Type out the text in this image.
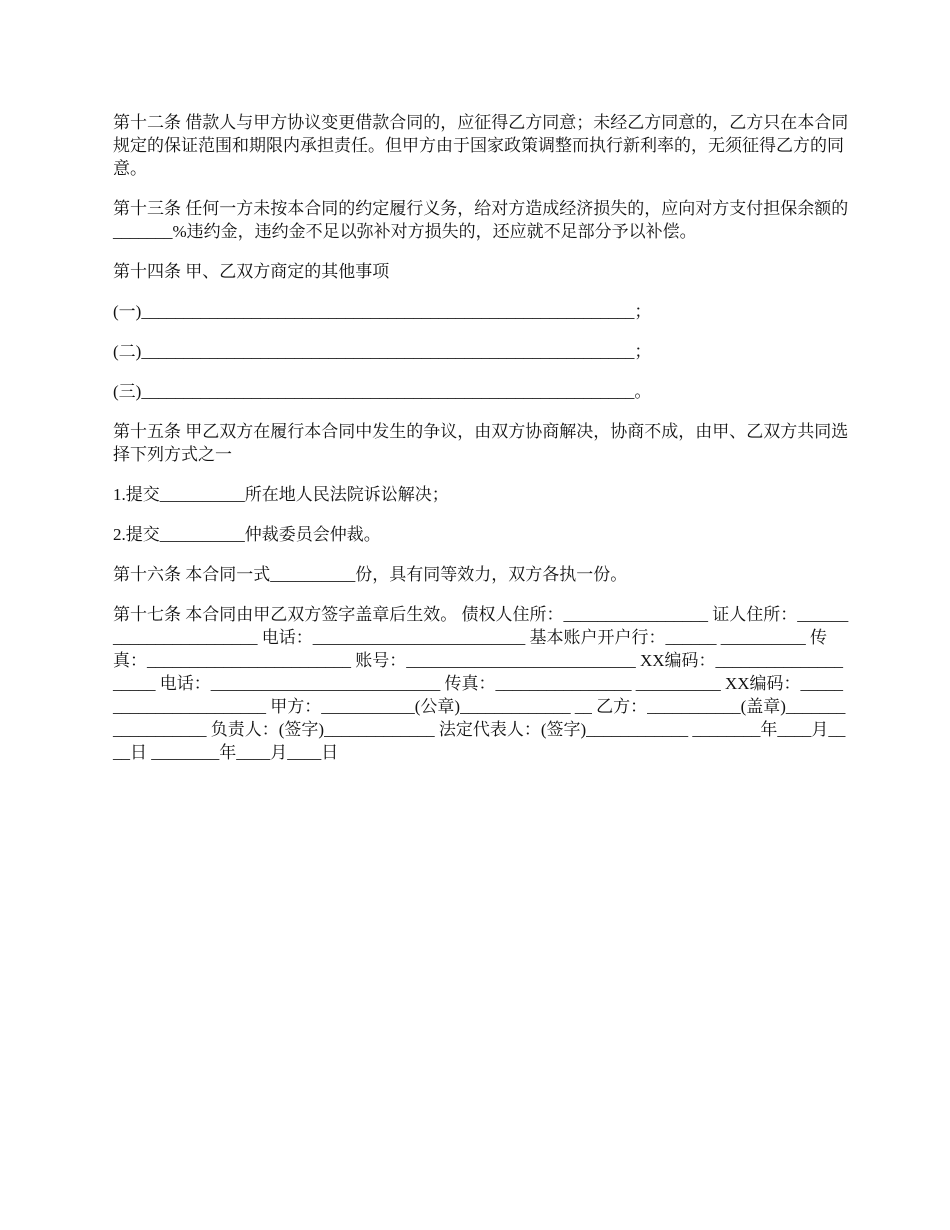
第十二条 借款人与甲方协议变更借款合同的，应征得乙方同意；未经乙方同意的，乙方只在本合同规定的保证范围和期限内承担责任。但甲方由于国家政策调整而执行新利率的，无须征得乙方的同意。

第十三条 任何一方未按本合同的约定履行义务，给对方造成经济损失的，应向对方支付担保余额的_______%违约金，违约金不足以弥补对方损失的，还应就不足部分予以补偿。

第十四条 甲、乙双方商定的其他事项

(一)__________________________________________________________；

(二)__________________________________________________________；

(三)__________________________________________________________。

第十五条 甲乙双方在履行本合同中发生的争议，由双方协商解决，协商不成，由甲、乙双方共同选择下列方式之一

1.提交__________所在地人民法院诉讼解决；

2.提交__________仲裁委员会仲裁。

第十六条 本合同一式__________份，具有同等效力，双方各执一份。

第十七条 本合同由甲乙双方签字盖章后生效。 债权人住所：_________________ 证人住所：_______________________ 电话：_________________________ 基本账户开户行：______ __________ 传真：________________________ 账号：___________________________ XX编码：____________________ 电话：___________________________ 传真：________________ __________ XX编码：_______________________ 甲方：___________(公章)_____________ __ 乙方：___________(盖章)__________________ 负责人：(签字)_____________ 法定代表人：(签字)____________ ________年____月____日 ________年____月____日
